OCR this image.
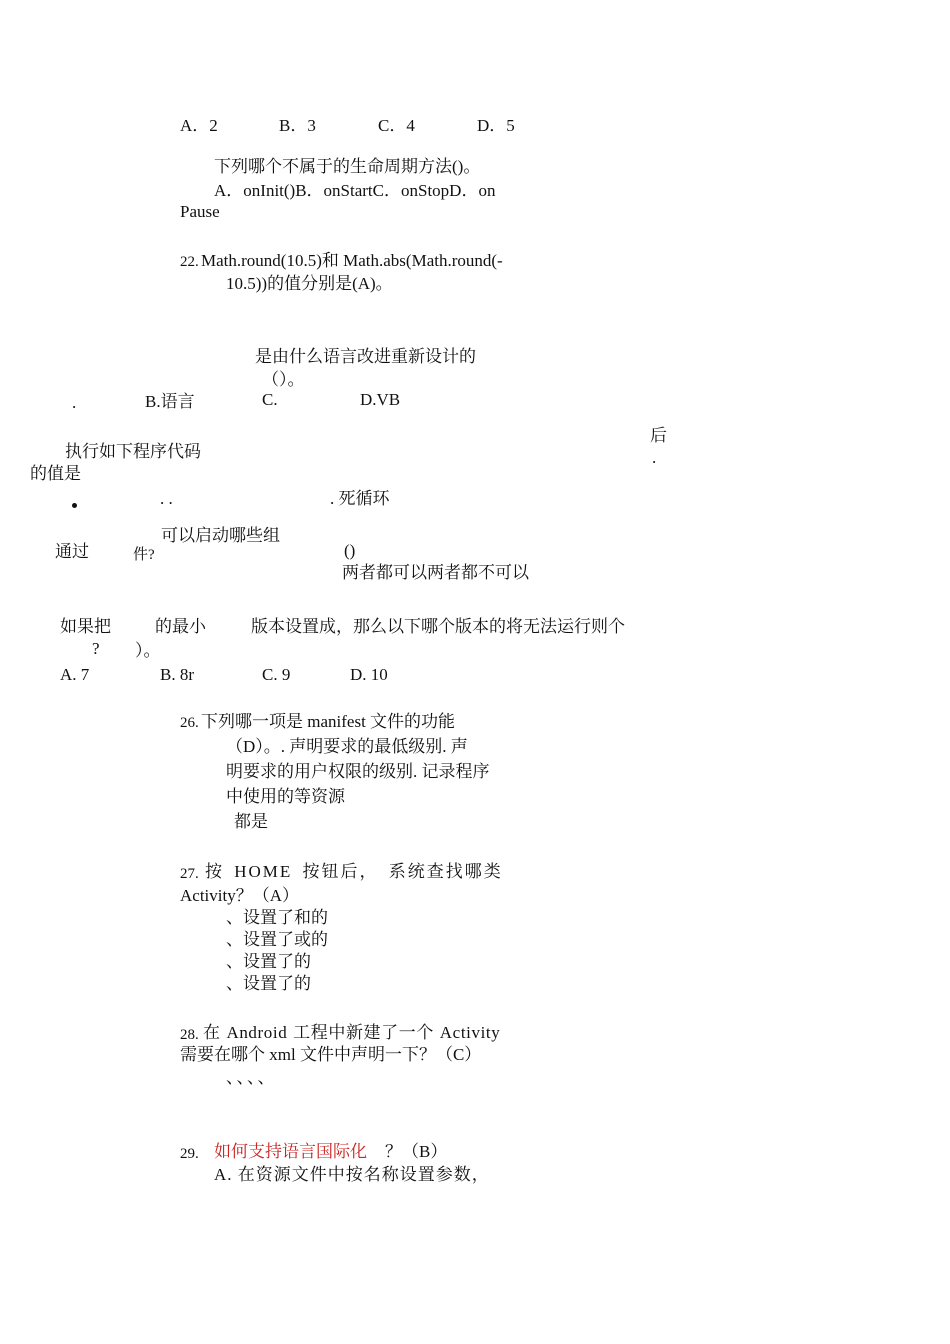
A．2	B．3	C．4	D．5
下列哪个不属于的生命周期方法()。
A．onInit()B．onStartC．onStopD．on
Pause
22. Math.round(10.5)和 Math.abs(Math.round(-
10.5))的值分别是(A)。
是由什么语言改进重新设计的
（）。
.	B.语言	C.	D.VB
执行如下程序代码
的值是
后
.
. .	. 死循环
通过
可以启动哪些组
件?	()
两者都可以两者都不可以
如果把	的最小	版本设置成，那么以下哪个版本的将无法运行则个
? ）。
A. 7	B. 8r	C. 9	D. 10
26. 下列哪一项是 manifest 文件的功能
（D）。. 声明要求的最低级别. 声
明要求的用户权限的级别. 记录程序
中使用的等资源
都是
27. 按 HOME 按钮后， 系统查找哪类
Activity？（A）
、设置了和的
、设置了或的
、设置了的
、设置了的
28. 在 Android 工程中新建了一个 Activity
需要在哪个 xml 文件中声明一下？（C）
、、、、
29. 如何支持语言国际化 ？（B）
A. 在资源文件中按名称设置参数，
